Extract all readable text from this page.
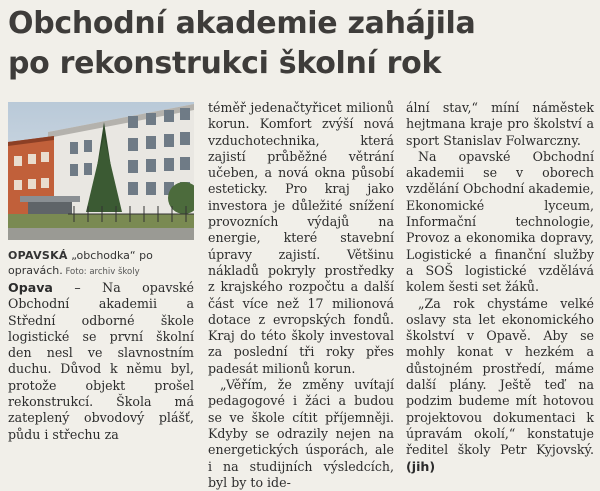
Obchodní akademie zahájila
po rekonstrukci školní rok
OPAVSKÁ „obchodka“ po opravách. Foto: archiv školy

Opava – Na opavské Obchodní akademii a Střední odborné škole logistické se první školní den nesl ve slavnostním duchu. Důvod k němu byl, protože objekt prošel rekonstrukcí. Škola má zateplený obvodový plášť, půdu i střechu za

téměř jedenačtyřicet milionů korun. Komfort zvýší nová vzduchotechnika, která zajistí průběžné větrání učeben, a nová okna působí esteticky. Pro kraj jako investora je důležité snížení provozních výdajů na energie, které stavební úpravy zajistí. Většinu nákladů pokryly prostředky z krajského rozpočtu a další část více než 17 milionová dotace z evropských fondů. Kraj do této školy investoval za poslední tři roky přes padesát milionů korun.

„Věřím, že změny uvítají pedagogové i žáci a budou se ve škole cítit příjemněji. Kdyby se odrazily nejen na energetických úsporách, ale i na studijních výsledcích, byl by to ide-

ální stav,“ míní náměstek hejtmana kraje pro školství a sport Stanislav Folwarczny.

Na opavské Obchodní akademii se v oborech vzdělání Obchodní akademie, Ekonomické lyceum, Informační technologie, Provoz a ekonomika dopravy, Logistické a finanční služby a SOŠ logistické vzdělává kolem šesti set žáků.

„Za rok chystáme velké oslavy sta let ekonomického školství v Opavě. Aby se mohly konat v hezkém a důstojném prostředí, máme další plány. Ještě teď na podzim budeme mít hotovou projektovou dokumentaci k úpravám okolí,“ konstatuje ředitel školy Petr Kyjovský. (jih)
